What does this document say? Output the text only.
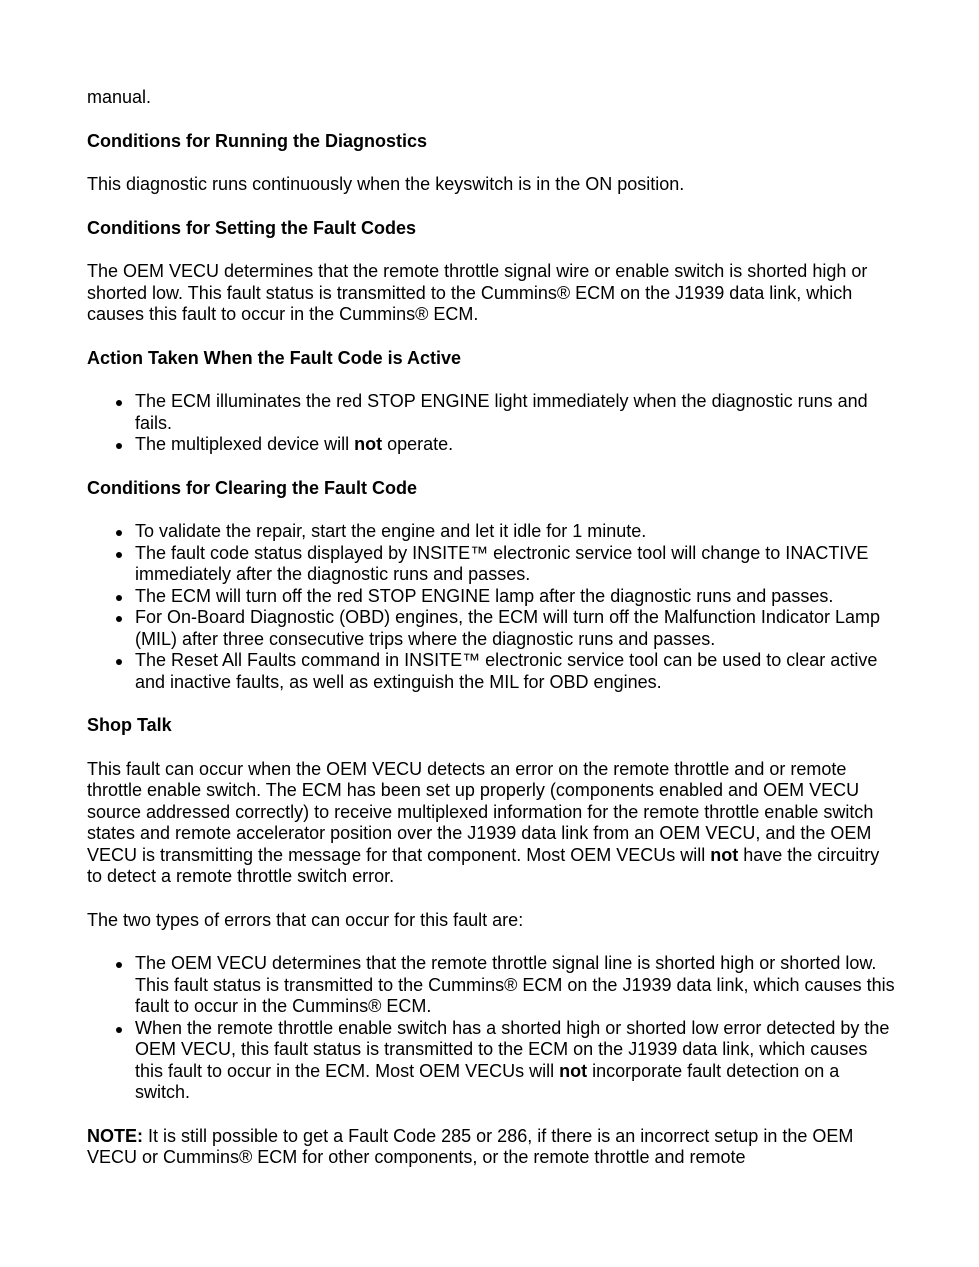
manual.

Conditions for Running the Diagnostics

This diagnostic runs continuously when the keyswitch is in the ON position.

Conditions for Setting the Fault Codes

The OEM VECU determines that the remote throttle signal wire or enable switch is shorted high or shorted low. This fault status is transmitted to the Cummins® ECM on the J1939 data link, which causes this fault to occur in the Cummins® ECM.

Action Taken When the Fault Code is Active
The ECM illuminates the red STOP ENGINE light immediately when the diagnostic runs and fails.
The multiplexed device will not operate.
Conditions for Clearing the Fault Code
To validate the repair, start the engine and let it idle for 1 minute.
The fault code status displayed by INSITE™ electronic service tool will change to INACTIVE immediately after the diagnostic runs and passes.
The ECM will turn off the red STOP ENGINE lamp after the diagnostic runs and passes.
For On-Board Diagnostic (OBD) engines, the ECM will turn off the Malfunction Indicator Lamp (MIL) after three consecutive trips where the diagnostic runs and passes.
The Reset All Faults command in INSITE™ electronic service tool can be used to clear active and inactive faults, as well as extinguish the MIL for OBD engines.
Shop Talk

This fault can occur when the OEM VECU detects an error on the remote throttle and or remote throttle enable switch. The ECM has been set up properly (components enabled and OEM VECU source addressed correctly) to receive multiplexed information for the remote throttle enable switch states and remote accelerator position over the J1939 data link from an OEM VECU, and the OEM VECU is transmitting the message for that component. Most OEM VECUs will not have the circuitry to detect a remote throttle switch error.

The two types of errors that can occur for this fault are:

The OEM VECU determines that the remote throttle signal line is shorted high or shorted low. This fault status is transmitted to the Cummins® ECM on the J1939 data link, which causes this fault to occur in the Cummins® ECM.
When the remote throttle enable switch has a shorted high or shorted low error detected by the OEM VECU, this fault status is transmitted to the ECM on the J1939 data link, which causes this fault to occur in the ECM. Most OEM VECUs will not incorporate fault detection on a switch.

NOTE: It is still possible to get a Fault Code 285 or 286, if there is an incorrect setup in the OEM VECU or Cummins® ECM for other components, or the remote throttle and remote
